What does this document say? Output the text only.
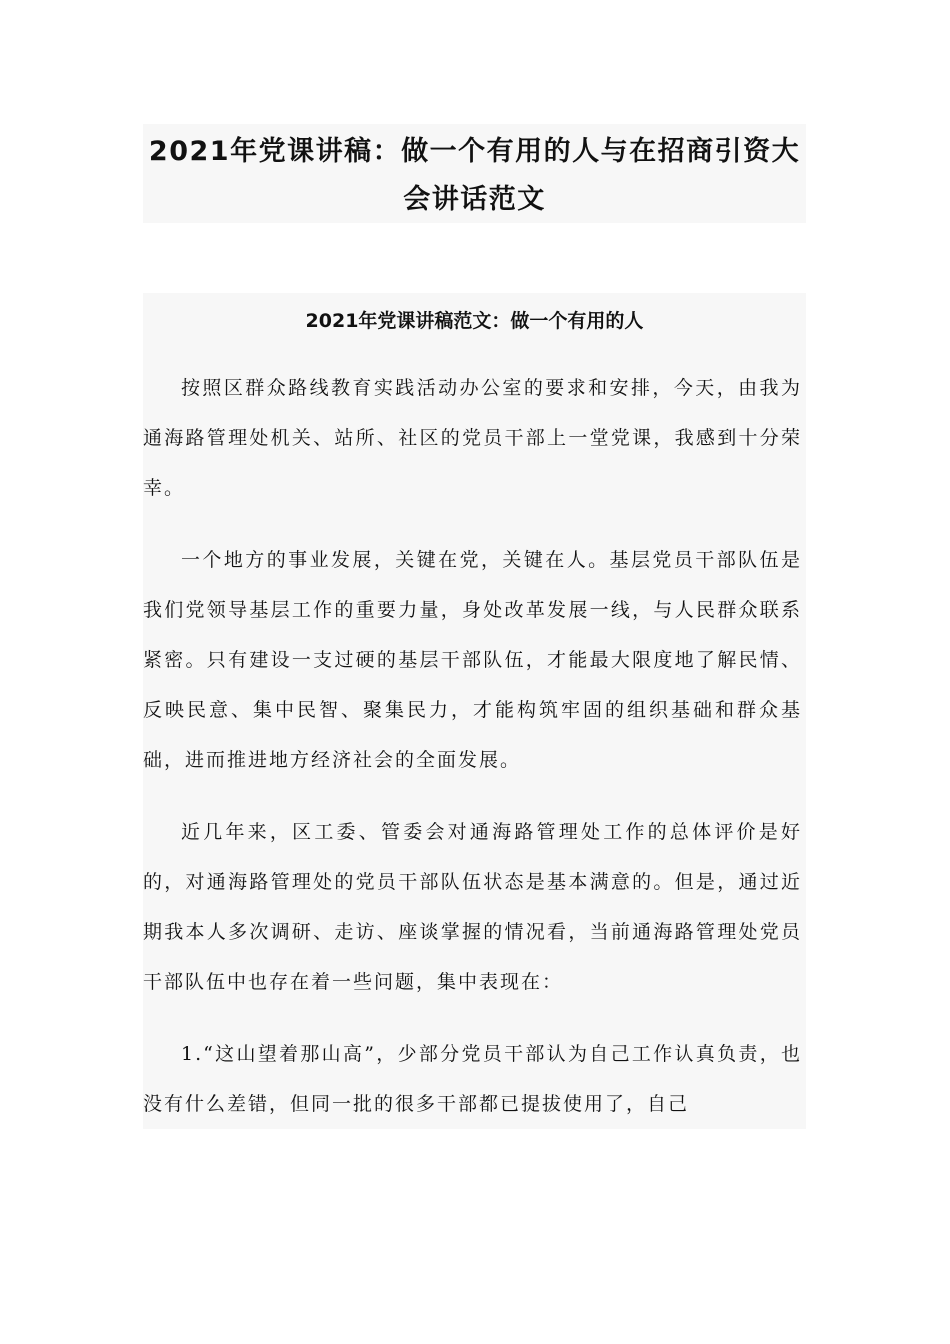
2021年党课讲稿：做一个有用的人与在招商引资大会讲话范文
2021年党课讲稿范文：做一个有用的人

按照区群众路线教育实践活动办公室的要求和安排，今天，由我为通海路管理处机关、站所、社区的党员干部上一堂党课，我感到十分荣幸。

一个地方的事业发展，关键在党，关键在人。基层党员干部队伍是我们党领导基层工作的重要力量，身处改革发展一线，与人民群众联系紧密。只有建设一支过硬的基层干部队伍，才能最大限度地了解民情、反映民意、集中民智、聚集民力，才能构筑牢固的组织基础和群众基础，进而推进地方经济社会的全面发展。

近几年来，区工委、管委会对通海路管理处工作的总体评价是好的，对通海路管理处的党员干部队伍状态是基本满意的。但是，通过近期我本人多次调研、走访、座谈掌握的情况看，当前通海路管理处党员干部队伍中也存在着一些问题，集中表现在：

1.“这山望着那山高”，少部分党员干部认为自己工作认真负责，也没有什么差错，但同一批的很多干部都已提拔使用了，自己
